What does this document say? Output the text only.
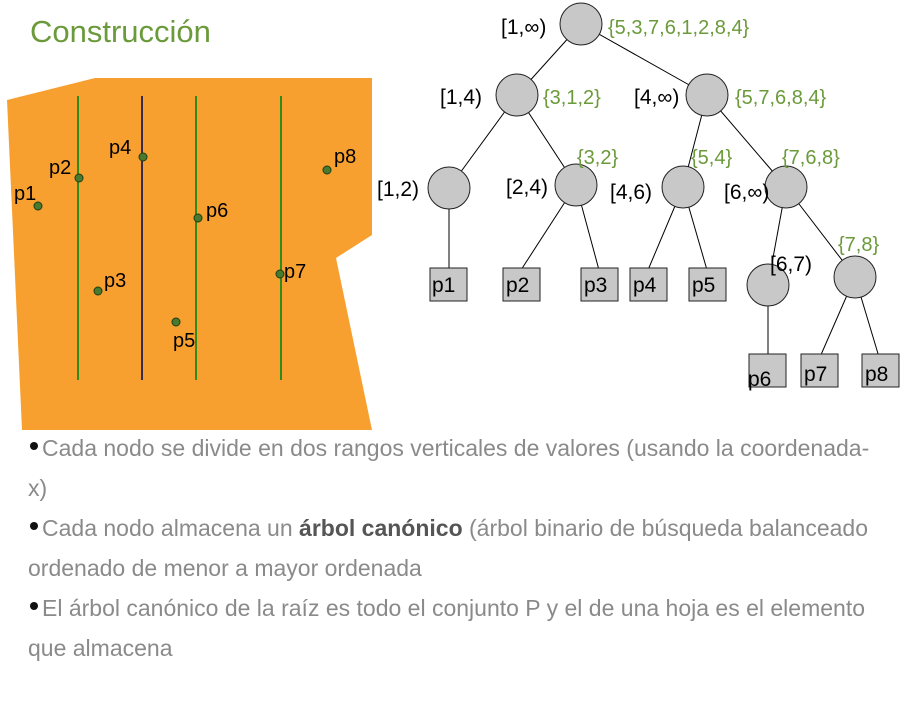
Construcción
p1
p2
p3
p4
p5
p6
p7
p8
[1,∞)	{5,3,7,6,1,2,8,4}
[1,4)	{3,1,2} [4,∞)	{5,7,6,8,4}
[1,2)	[2,4)
{3,2}
[4,6)
{5,4}
[6,∞)
{7,6,8}
[6,7)
{7,8}
p1 p2	p3 p4 p5
p6 p7 p8
Cada nodo se divide en dos rangos verticales de valores (usando la coordenada-x)
Cada nodo almacena un árbol canónico (árbol binario de búsqueda balanceado ordenado de menor a mayor ordenada
El árbol canónico de la raíz es todo el conjunto P y el de una hoja es el elemento que almacena
